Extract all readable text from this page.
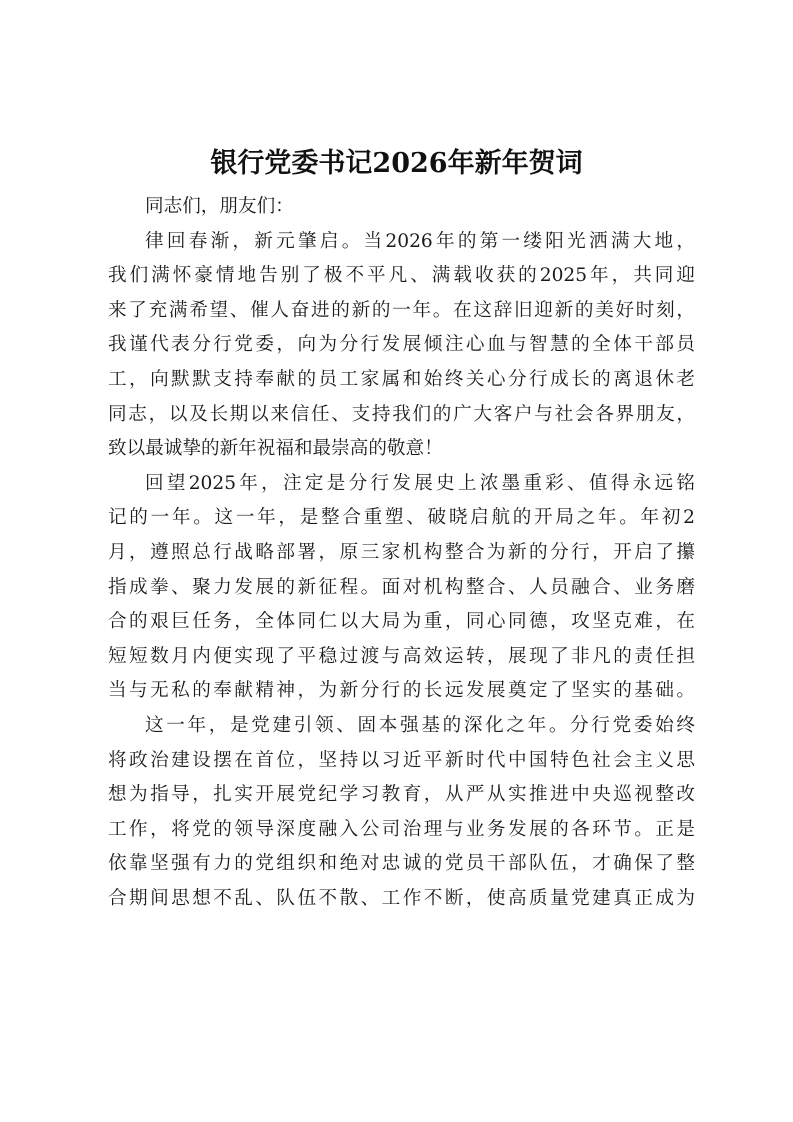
银行党委书记2026年新年贺词
同志们，朋友们：
律回春渐，新元肇启。当2026年的第一缕阳光洒满大地，
我们满怀豪情地告别了极不平凡、满载收获的2025年，共同迎
来了充满希望、催人奋进的新的一年。在这辞旧迎新的美好时刻，
我谨代表分行党委，向为分行发展倾注心血与智慧的全体干部员
工，向默默支持奉献的员工家属和始终关心分行成长的离退休老
同志，以及长期以来信任、支持我们的广大客户与社会各界朋友，
致以最诚挚的新年祝福和最崇高的敬意！
回望2025年，注定是分行发展史上浓墨重彩、值得永远铭
记的一年。这一年，是整合重塑、破晓启航的开局之年。年初2
月，遵照总行战略部署，原三家机构整合为新的分行，开启了攥
指成拳、聚力发展的新征程。面对机构整合、人员融合、业务磨
合的艰巨任务，全体同仁以大局为重，同心同德，攻坚克难，在
短短数月内便实现了平稳过渡与高效运转，展现了非凡的责任担
当与无私的奉献精神，为新分行的长远发展奠定了坚实的基础。
这一年，是党建引领、固本强基的深化之年。分行党委始终
将政治建设摆在首位，坚持以习近平新时代中国特色社会主义思
想为指导，扎实开展党纪学习教育，从严从实推进中央巡视整改
工作，将党的领导深度融入公司治理与业务发展的各环节。正是
依靠坚强有力的党组织和绝对忠诚的党员干部队伍，才确保了整
合期间思想不乱、队伍不散、工作不断，使高质量党建真正成为
